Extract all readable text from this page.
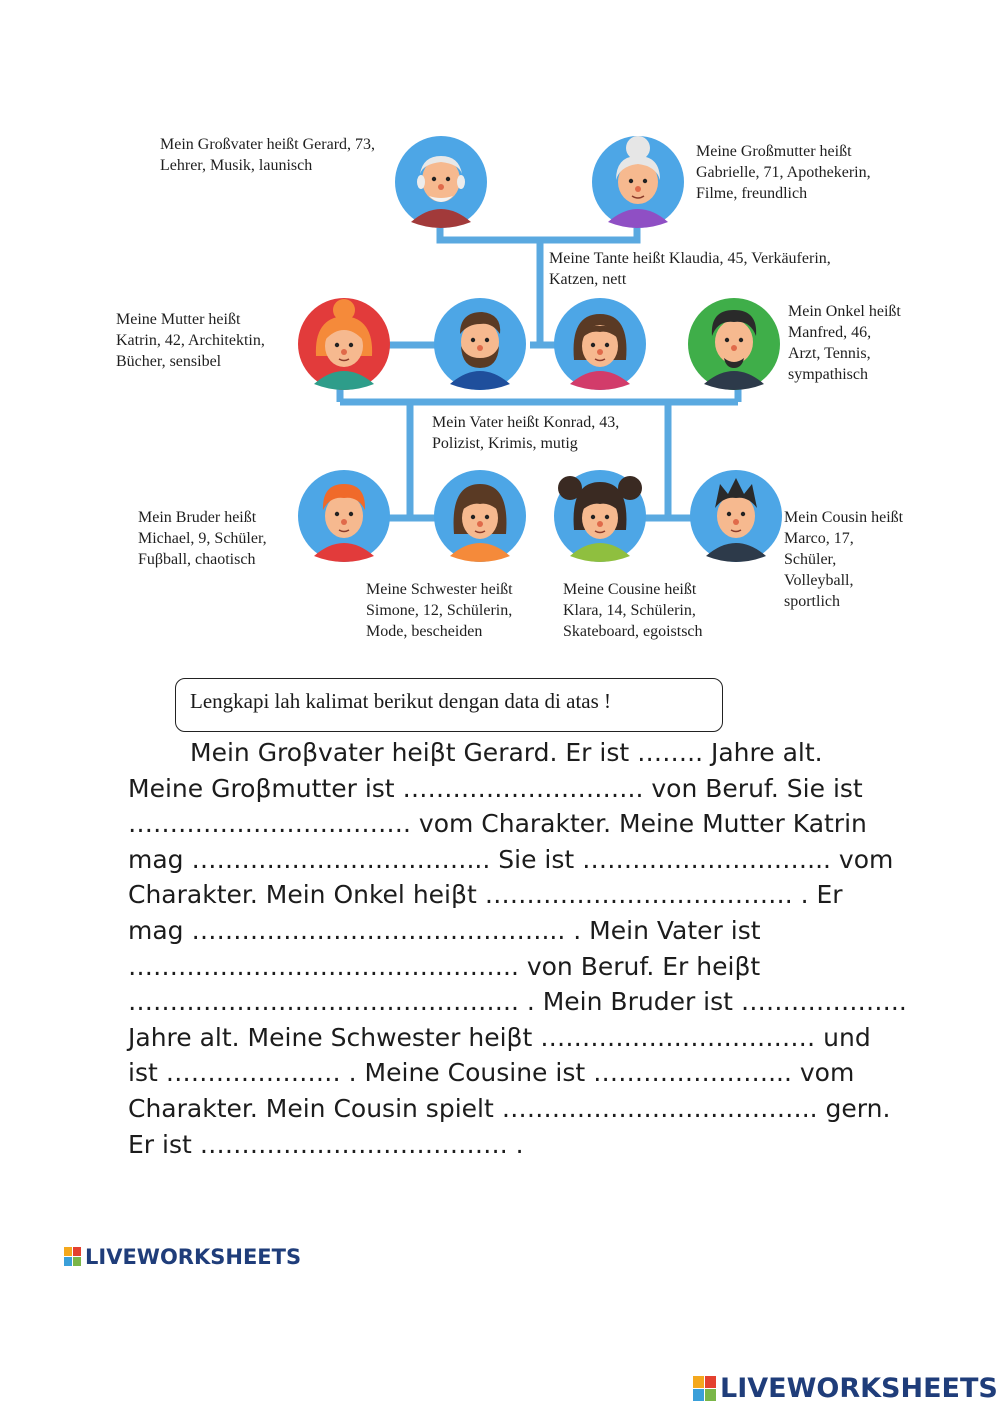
Mein Großvater heißt Gerard, 73,
Lehrer, Musik, launisch
Meine Großmutter heißt
Gabrielle, 71, Apothekerin,
Filme, freundlich
Meine Tante heißt Klaudia, 45, Verkäuferin,
Katzen, nett
Meine Mutter heißt
Katrin, 42, Architektin,
Bücher, sensibel
Mein Onkel heißt
Manfred, 46,
Arzt, Tennis,
sympathisch
Mein Vater heißt Konrad, 43,
Polizist, Krimis, mutig
Mein Bruder heißt
Michael, 9, Schüler,
Fuβball, chaotisch
Meine Schwester heißt
Simone, 12, Schülerin,
Mode, bescheiden
Meine Cousine heißt
Klara, 14, Schülerin,
Skateboard, egoistsch
Mein Cousin heißt
Marco, 17,
Schüler,
Volleyball,
sportlich
Lengkapi lah kalimat berikut dengan data di atas !
Mein Groβvater heiβt Gerard. Er ist …….. Jahre alt.
Meine Groβmutter ist ……………………….. von Beruf. Sie ist
……………………………. vom Charakter. Meine Mutter Katrin
mag ……………………………... Sie ist ………………………... vom
Charakter. Mein Onkel heiβt ………………………………. . Er
mag ……………………………………... . Mein Vater ist
……………………………………….. von Beruf. Er heiβt
……………………………………….. . Mein Bruder ist ………………..
Jahre alt. Meine Schwester heiβt …………………………… und
ist ………………… . Meine Cousine ist …………………... vom
Charakter. Mein Cousin spielt ……………………………….. gern.
Er ist ………………………………. .
LIVEWORKSHEETS
LIVEWORKSHEETS
